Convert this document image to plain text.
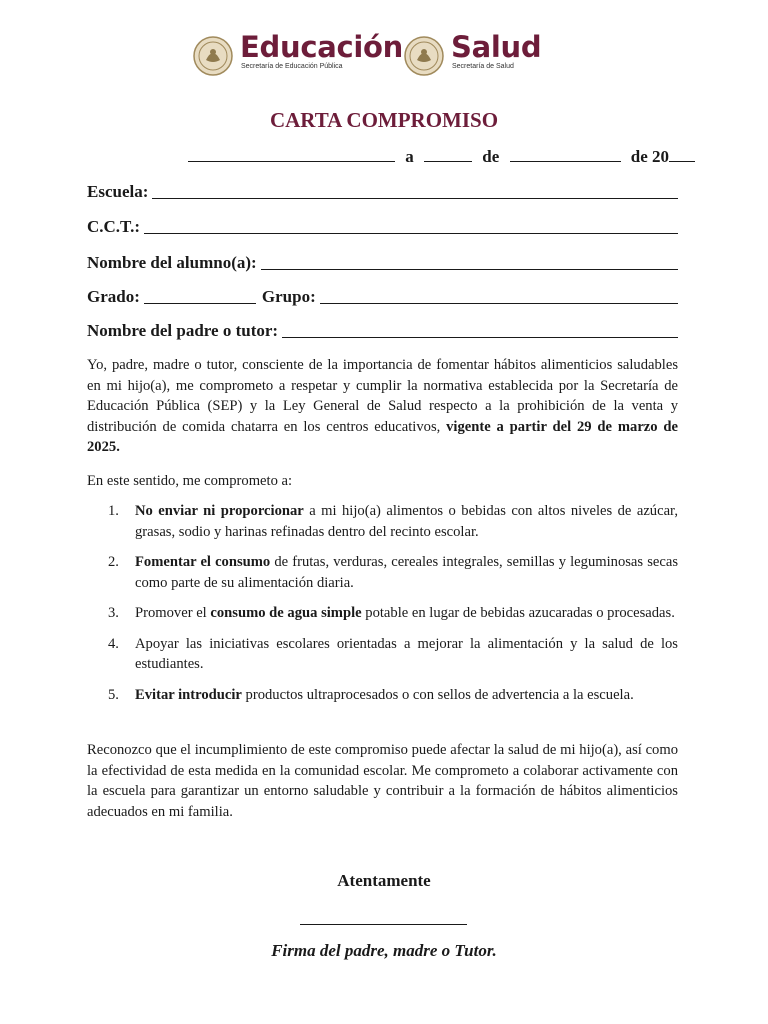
Educación
Secretaría de Educación Pública
Salud
Secretaría de Salud
CARTA COMPROMISO
a	de	de 20
Escuela:
C.C.T.:
Nombre del alumno(a):
Grado:	Grupo:
Nombre del padre o tutor:
Yo, padre, madre o tutor, consciente de la importancia de fomentar hábitos alimenticios saludables en mi hijo(a), me comprometo a respetar y cumplir la normativa establecida por la Secretaría de Educación Pública (SEP) y la Ley General de Salud respecto a la prohibición de la venta y distribución de comida chatarra en los centros educativos, vigente a partir del 29 de marzo de 2025.
En este sentido, me comprometo a:
1. No enviar ni proporcionar a mi hijo(a) alimentos o bebidas con altos niveles de azúcar, grasas, sodio y harinas refinadas dentro del recinto escolar.
2. Fomentar el consumo de frutas, verduras, cereales integrales, semillas y leguminosas secas como parte de su alimentación diaria.
3. Promover el consumo de agua simple potable en lugar de bebidas azucaradas o procesadas.
4. Apoyar las iniciativas escolares orientadas a mejorar la alimentación y la salud de los estudiantes.
5. Evitar introducir productos ultraprocesados o con sellos de advertencia a la escuela.
Reconozco que el incumplimiento de este compromiso puede afectar la salud de mi hijo(a), así como la efectividad de esta medida en la comunidad escolar. Me comprometo a colaborar activamente con la escuela para garantizar un entorno saludable y contribuir a la formación de hábitos alimenticios adecuados en mi familia.
Atentamente
Firma del padre, madre o Tutor.
